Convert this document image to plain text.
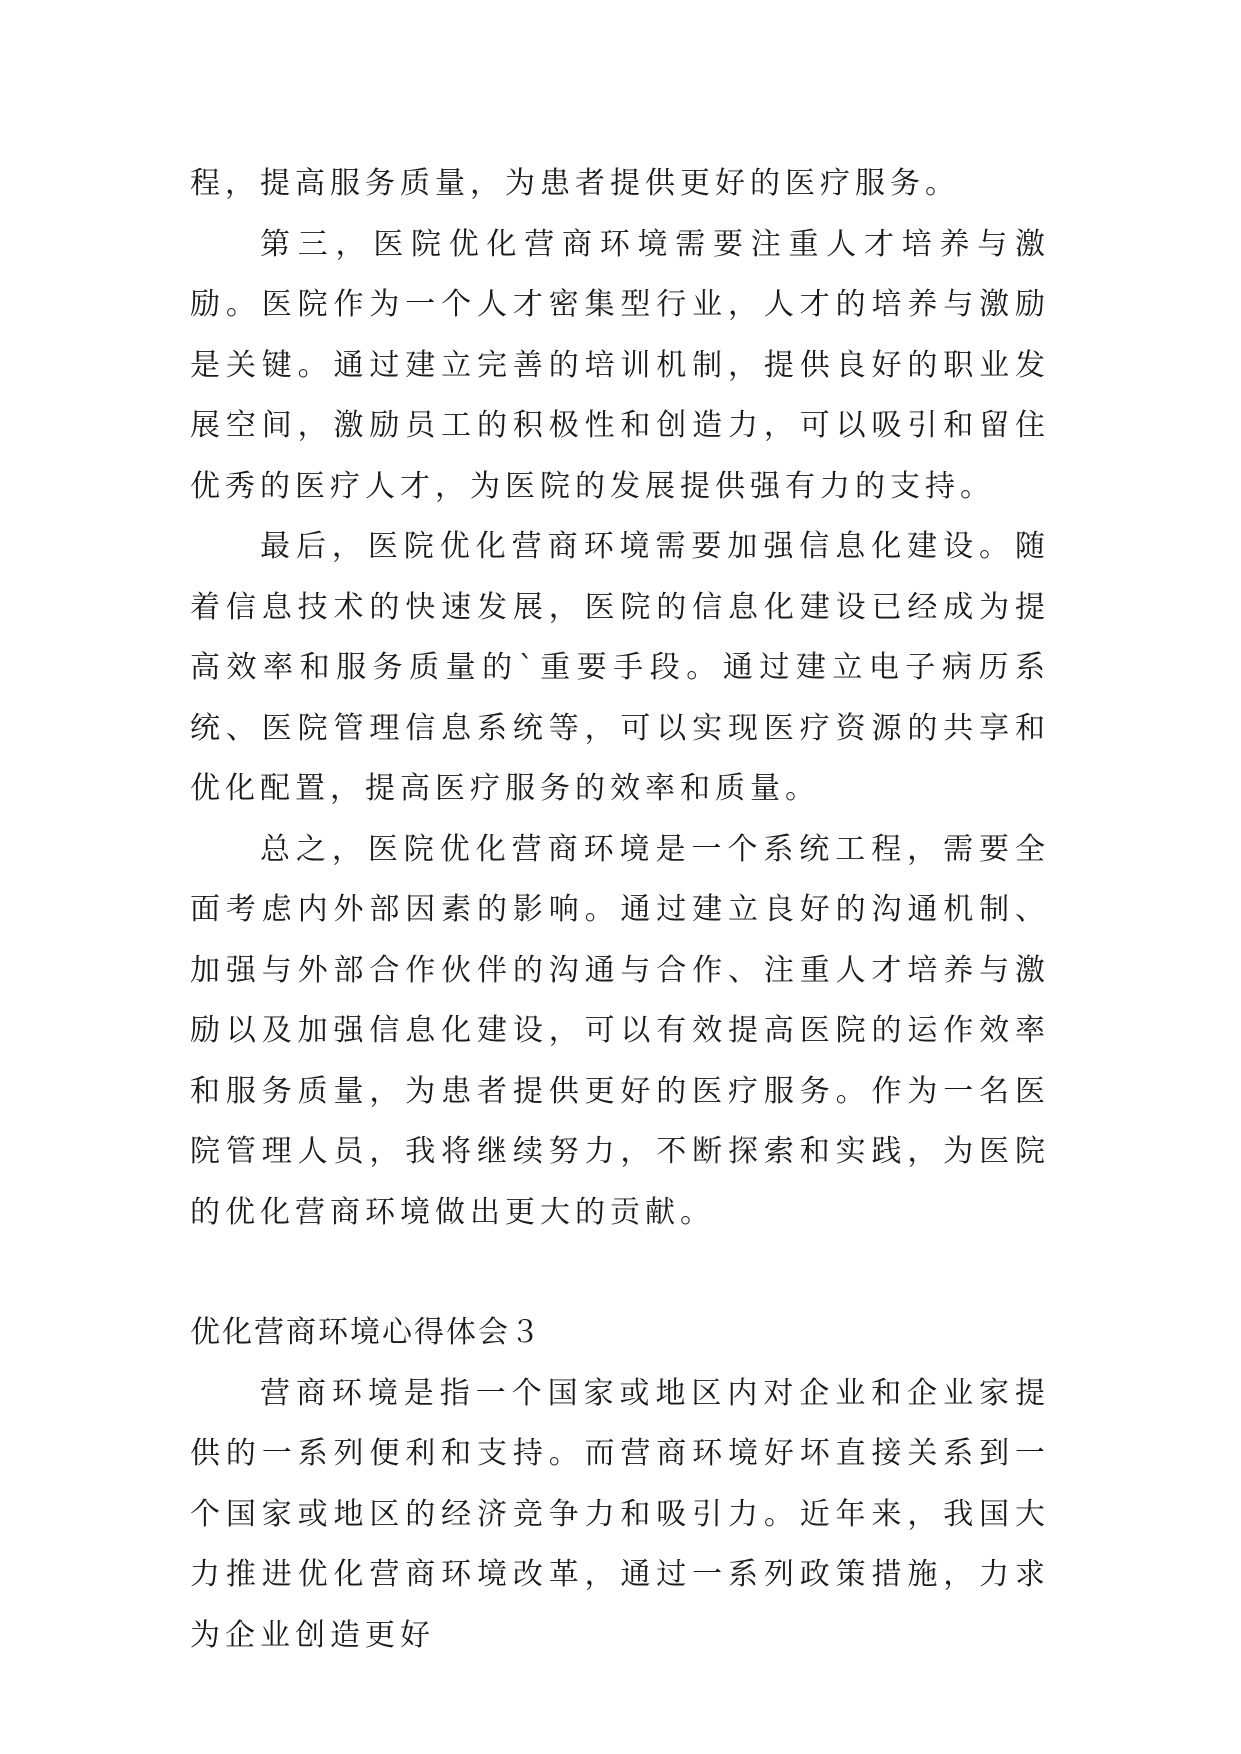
程，提高服务质量，为患者提供更好的医疗服务。

第三，医院优化营商环境需要注重人才培养与激励。医院作为一个人才密集型行业，人才的培养与激励是关键。通过建立完善的培训机制，提供良好的职业发展空间，激励员工的积极性和创造力，可以吸引和留住优秀的医疗人才，为医院的发展提供强有力的支持。

最后，医院优化营商环境需要加强信息化建设。随着信息技术的快速发展，医院的信息化建设已经成为提高效率和服务质量的`重要手段。通过建立电子病历系统、医院管理信息系统等，可以实现医疗资源的共享和优化配置，提高医疗服务的效率和质量。

总之，医院优化营商环境是一个系统工程，需要全面考虑内外部因素的影响。通过建立良好的沟通机制、加强与外部合作伙伴的沟通与合作、注重人才培养与激励以及加强信息化建设，可以有效提高医院的运作效率和服务质量，为患者提供更好的医疗服务。作为一名医院管理人员，我将继续努力，不断探索和实践，为医院的优化营商环境做出更大的贡献。

优化营商环境心得体会３

营商环境是指一个国家或地区内对企业和企业家提供的一系列便利和支持。而营商环境好坏直接关系到一个国家或地区的经济竞争力和吸引力。近年来，我国大力推进优化营商环境改革，通过一系列政策措施，力求为企业创造更好
